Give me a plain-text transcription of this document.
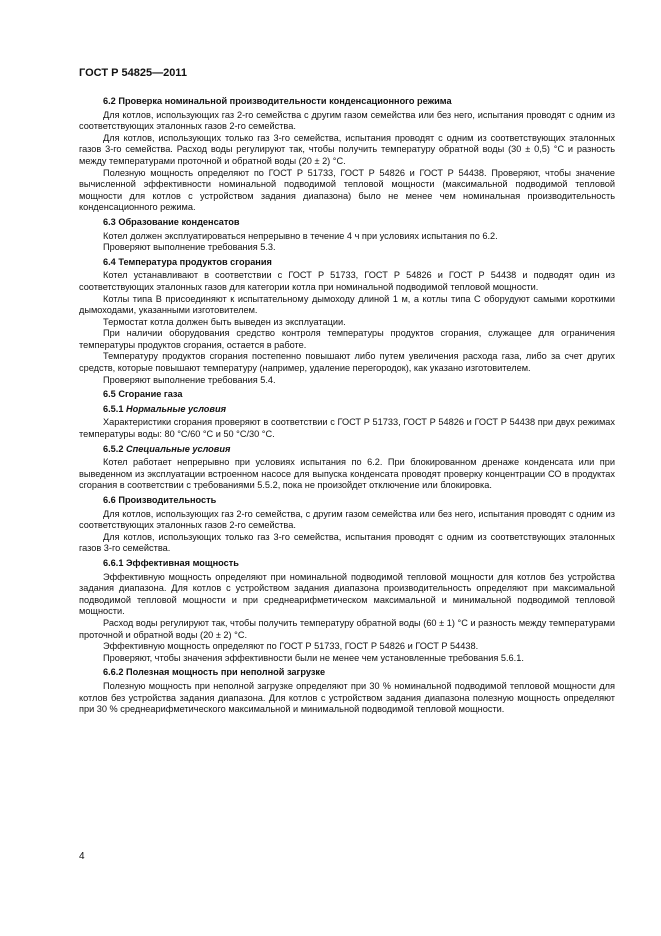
ГОСТ Р 54825—2011
6.2 Проверка номинальной производительности конденсационного режима

Для котлов, использующих газ 2-го семейства с другим газом семейства или без него, испытания проводят с одним из соответствующих эталонных газов 2-го семейства.

Для котлов, использующих только газ 3-го семейства, испытания проводят с одним из соответствующих эталонных газов 3-го семейства. Расход воды регулируют так, чтобы получить температуру обратной воды (30 ± 0,5) °С и разность между температурами проточной и обратной воды (20 ± 2) °С.

Полезную мощность определяют по ГОСТ Р 51733, ГОСТ Р 54826 и ГОСТ Р 54438. Проверяют, чтобы значение вычисленной эффективности номинальной подводимой тепловой мощности (максимальной подводимой тепловой мощности для котлов с устройством задания диапазона) было не менее чем номинальная производительность конденсационного режима.

6.3 Образование конденсатов

Котел должен эксплуатироваться непрерывно в течение 4 ч при условиях испытания по 6.2.

Проверяют выполнение требования 5.3.

6.4 Температура продуктов сгорания

Котел устанавливают в соответствии с ГОСТ Р 51733, ГОСТ Р 54826 и ГОСТ Р 54438 и подводят один из соответствующих эталонных газов для категории котла при номинальной подводимой тепловой мощности.

Котлы типа В присоединяют к испытательному дымоходу длиной 1 м, а котлы типа С оборудуют самыми короткими дымоходами, указанными изготовителем.

Термостат котла должен быть выведен из эксплуатации.

При наличии оборудования средство контроля температуры продуктов сгорания, служащее для ограничения температуры продуктов сгорания, остается в работе.

Температуру продуктов сгорания постепенно повышают либо путем увеличения расхода газа, либо за счет других средств, которые повышают температуру (например, удаление перегородок), как указано изготовителем.

Проверяют выполнение требования 5.4.

6.5 Сгорание газа
6.5.1 Нормальные условия

Характеристики сгорания проверяют в соответствии с ГОСТ Р 51733, ГОСТ Р 54826 и ГОСТ Р 54438 при двух режимах температуры воды: 80 °С/60 °С и 50 °С/30 °С.

6.5.2 Специальные условия

Котел работает непрерывно при условиях испытания по 6.2. При блокированном дренаже конденсата или при выведенном из эксплуатации встроенном насосе для выпуска конденсата проводят проверку концентрации СО в продуктах сгорания в соответствии с требованиями 5.5.2, пока не произойдет отключение или блокировка.

6.6 Производительность

Для котлов, использующих газ 2-го семейства, с другим газом семейства или без него, испытания проводят с одним из соответствующих эталонных газов 2-го семейства.

Для котлов, использующих только газ 3-го семейства, испытания проводят с одним из соответствующих эталонных газов 3-го семейства.

6.6.1 Эффективная мощность

Эффективную мощность определяют при номинальной подводимой тепловой мощности для котлов без устройства задания диапазона. Для котлов с устройством задания диапазона производительность определяют при максимальной подводимой тепловой мощности и при среднеарифметическом максимальной и минимальной подводимой тепловой мощности.

Расход воды регулируют так, чтобы получить температуру обратной воды (60 ± 1) °С и разность между температурами проточной и обратной воды (20 ± 2) °С.

Эффективную мощность определяют по ГОСТ Р 51733, ГОСТ Р 54826 и ГОСТ Р 54438.

Проверяют, чтобы значения эффективности были не менее чем установленные требования 5.6.1.

6.6.2 Полезная мощность при неполной загрузке

Полезную мощность при неполной загрузке определяют при 30 % номинальной подводимой тепловой мощности для котлов без устройства задания диапазона. Для котлов с устройством задания диапазона полезную мощность определяют при 30 % среднеарифметического максимальной и минимальной подводимой тепловой мощности.

4
